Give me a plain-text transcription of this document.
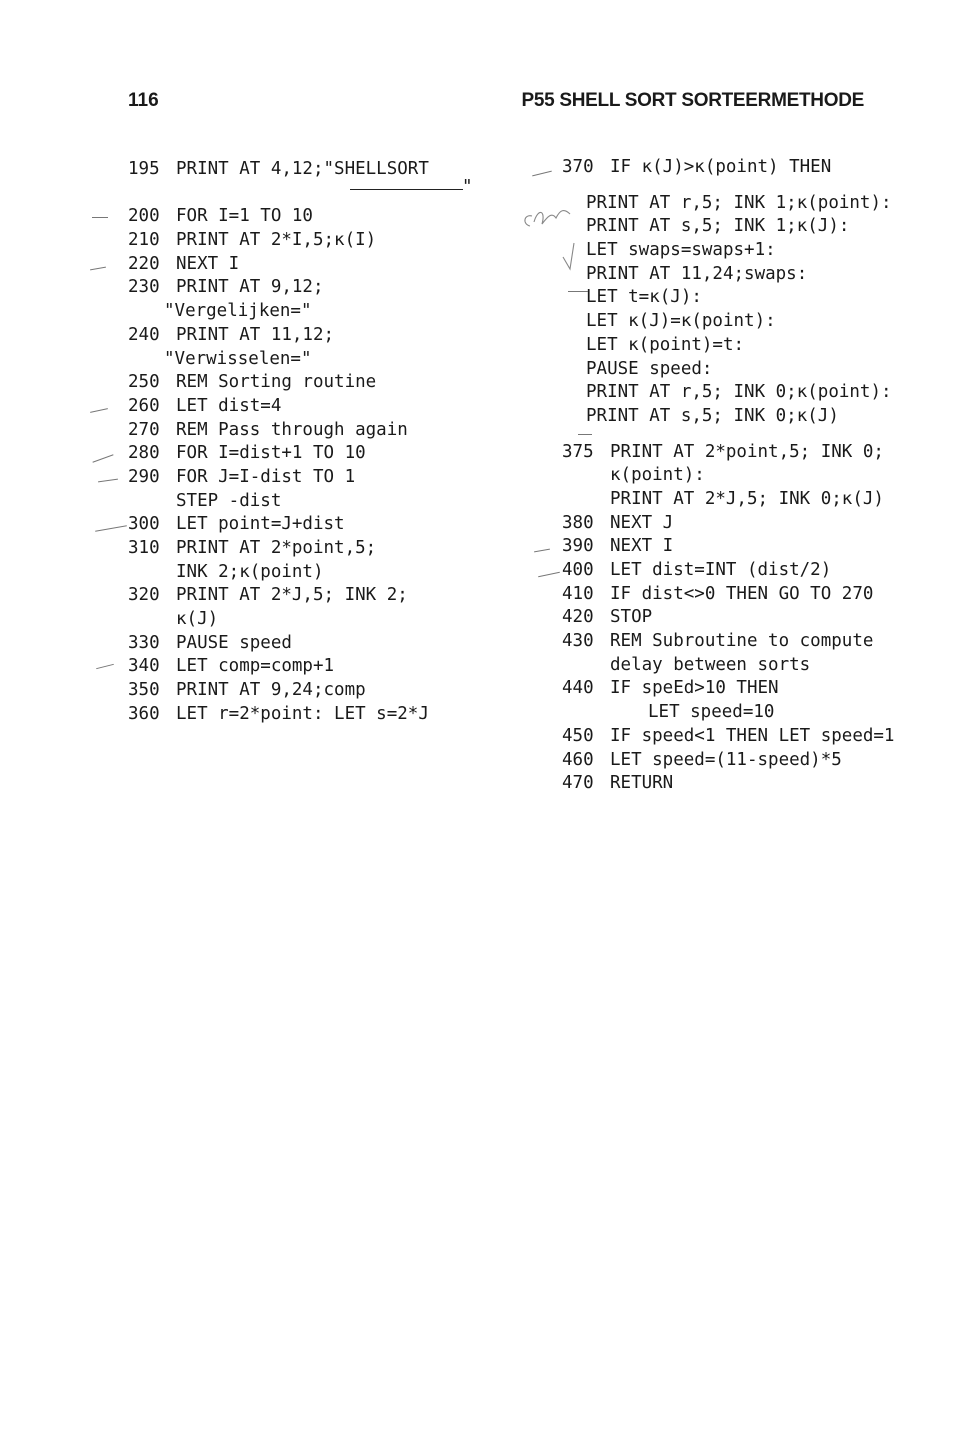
116	P55 SHELL SORT SORTEERMETHODE
195 PRINT AT 4,12;"SHELLSORT
"
200 FOR I=1 TO 10
210 PRINT AT 2*I,5;κ(I)
220 NEXT I
230 PRINT AT 9,12;
"Vergelijken="
240 PRINT AT 11,12;
"Verwisselen="
250 REM Sorting routine
260 LET dist=4
270 REM Pass through again
280 FOR I=dist+1 TO 10
290 FOR J=I-dist TO 1
STEP -dist
300 LET point=J+dist
310 PRINT AT 2*point,5;
INK 2;κ(point)
320 PRINT AT 2*J,5; INK 2;
κ(J)
330 PAUSE speed
340 LET comp=comp+1
350 PRINT AT 9,24;comp
360 LET r=2*point: LET s=2*J
370 IF κ(J)>κ(point) THEN
PRINT AT r,5; INK 1;κ(point):
PRINT AT s,5; INK 1;κ(J):
LET swaps=swaps+1:
PRINT AT 11,24;swaps:
LET t=κ(J):
LET κ(J)=κ(point):
LET κ(point)=t:
PAUSE speed:
PRINT AT r,5; INK 0;κ(point):
PRINT AT s,5; INK 0;κ(J)
375 PRINT AT 2*point,5; INK 0;
κ(point):
PRINT AT 2*J,5; INK 0;κ(J)
380 NEXT J
390 NEXT I
400 LET dist=INT (dist/2)
410 IF dist<>0 THEN GO TO 270
420 STOP
430 REM Subroutine to compute
delay between sorts
440 IF speEd>10 THEN
LET speed=10
450 IF speed<1 THEN LET speed=1
460 LET speed=(11-speed)*5
470 RETURN
